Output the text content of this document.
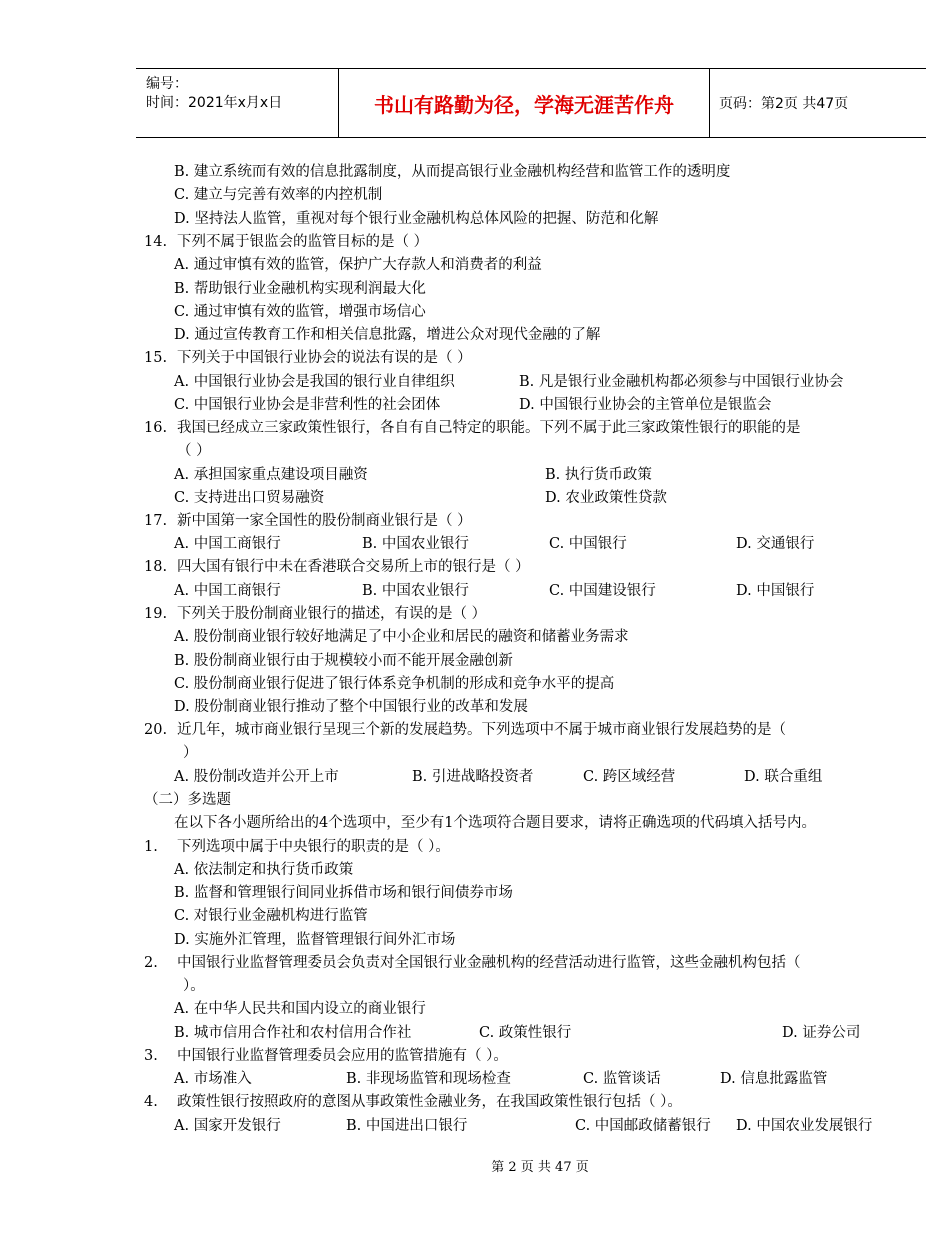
编号：
时间：2021年x月x日	书山有路勤为径，学海无涯苦作舟	页码：第2页 共47页
B. 建立系统而有效的信息批露制度，从而提高银行业金融机构经营和监管工作的透明度
C. 建立与完善有效率的内控机制
D. 坚持法人监管，重视对每个银行业金融机构总体风险的把握、防范和化解
14. 下列不属于银监会的监管目标的是（ ）
A. 通过审慎有效的监管，保护广大存款人和消费者的利益
B. 帮助银行业金融机构实现利润最大化
C. 通过审慎有效的监管，增强市场信心
D. 通过宣传教育工作和相关信息批露，增进公众对现代金融的了解
15. 下列关于中国银行业协会的说法有误的是（ ）
A. 中国银行业协会是我国的银行业自律组织	B. 凡是银行业金融机构都必须参与中国银行业协会
C. 中国银行业协会是非营利性的社会团体	D. 中国银行业协会的主管单位是银监会
16. 我国已经成立三家政策性银行，各自有自己特定的职能。下列不属于此三家政策性银行的职能的是
（ ）
A. 承担国家重点建设项目融资	B. 执行货币政策
C. 支持进出口贸易融资	D. 农业政策性贷款
17. 新中国第一家全国性的股份制商业银行是（ ）
A. 中国工商银行	B. 中国农业银行	C. 中国银行	D. 交通银行
18. 四大国有银行中未在香港联合交易所上市的银行是（ ）
A. 中国工商银行	B. 中国农业银行	C. 中国建设银行	D. 中国银行
19. 下列关于股份制商业银行的描述，有误的是（ ）
A. 股份制商业银行较好地满足了中小企业和居民的融资和储蓄业务需求
B. 股份制商业银行由于规模较小而不能开展金融创新
C. 股份制商业银行促进了银行体系竞争机制的形成和竞争水平的提高
D. 股份制商业银行推动了整个中国银行业的改革和发展
20. 近几年，城市商业银行呈现三个新的发展趋势。下列选项中不属于城市商业银行发展趋势的是（
）
A. 股份制改造并公开上市	B. 引进战略投资者	C. 跨区域经营	D. 联合重组
（二）多选题
在以下各小题所给出的4个选项中，至少有1个选项符合题目要求，请将正确选项的代码填入括号内。
1. 下列选项中属于中央银行的职责的是（ ）。
A. 依法制定和执行货币政策
B. 监督和管理银行间同业拆借市场和银行间债券市场
C. 对银行业金融机构进行监管
D. 实施外汇管理，监督管理银行间外汇市场
2. 中国银行业监督管理委员会负责对全国银行业金融机构的经营活动进行监管，这些金融机构包括（
）。
A. 在中华人民共和国内设立的商业银行
B. 城市信用合作社和农村信用合作社	C. 政策性银行	D. 证券公司
3. 中国银行业监督管理委员会应用的监管措施有（ ）。
A. 市场准入	B. 非现场监管和现场检查	C. 监管谈话	D. 信息批露监管
4. 政策性银行按照政府的意图从事政策性金融业务，在我国政策性银行包括（ ）。
A. 国家开发银行	B. 中国进出口银行	C. 中国邮政储蓄银行 D. 中国农业发展银行
第 2 页 共 47 页
